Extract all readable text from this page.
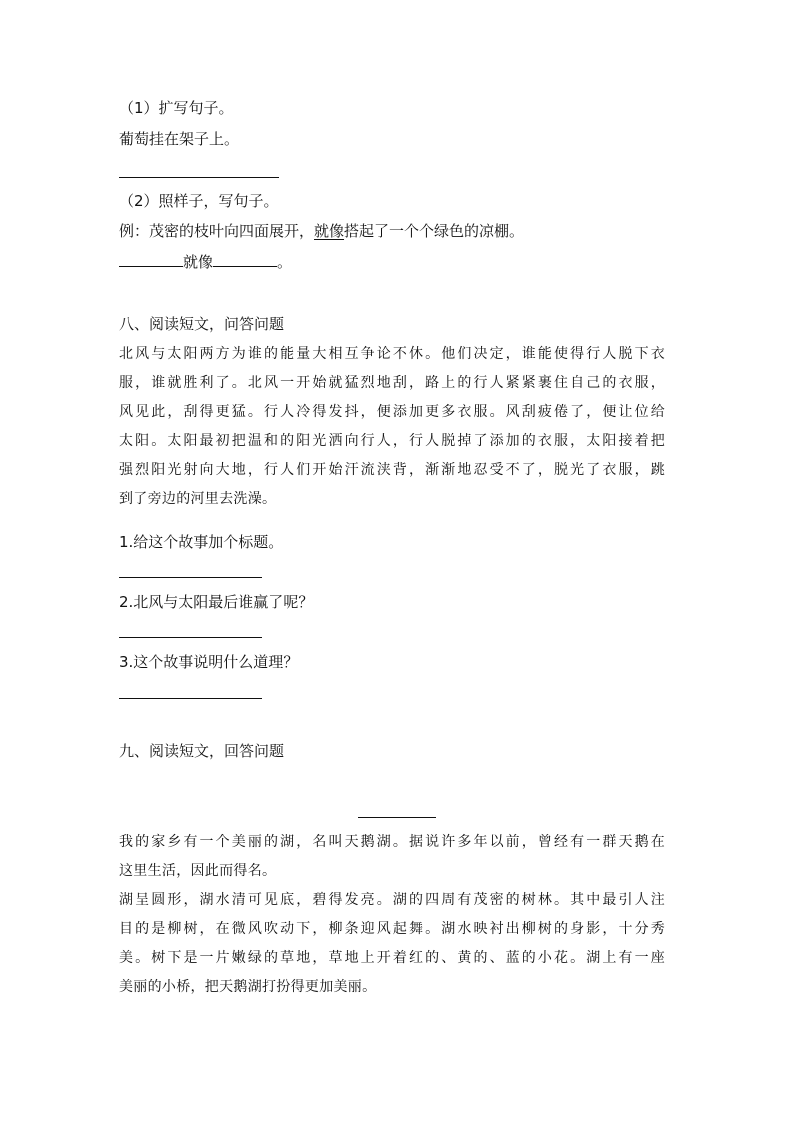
（1）扩写句子。
葡萄挂在架子上。
（2）照样子，写句子。
例：茂密的枝叶向四面展开，就像搭起了一个个绿色的凉棚。
就像	。
八、阅读短文，问答问题
北风与太阳两方为谁的能量大相互争论不休。他们决定，谁能使得行人脱下衣
服，谁就胜利了。北风一开始就猛烈地刮，路上的行人紧紧裹住自己的衣服，
风见此，刮得更猛。行人冷得发抖，便添加更多衣服。风刮疲倦了，便让位给
太阳。太阳最初把温和的阳光洒向行人，行人脱掉了添加的衣服，太阳接着把
强烈阳光射向大地，行人们开始汗流浃背，渐渐地忍受不了，脱光了衣服，跳
到了旁边的河里去洗澡。
1.给这个故事加个标题。
2.北风与太阳最后谁赢了呢？
3.这个故事说明什么道理？
九、阅读短文，回答问题
我的家乡有一个美丽的湖，名叫天鹅湖。据说许多年以前，曾经有一群天鹅在
这里生活，因此而得名。
湖呈圆形，湖水清可见底，碧得发亮。湖的四周有茂密的树林。其中最引人注
目的是柳树，在微风吹动下，柳条迎风起舞。湖水映衬出柳树的身影，十分秀
美。树下是一片嫩绿的草地，草地上开着红的、黄的、蓝的小花。湖上有一座
美丽的小桥，把天鹅湖打扮得更加美丽。
